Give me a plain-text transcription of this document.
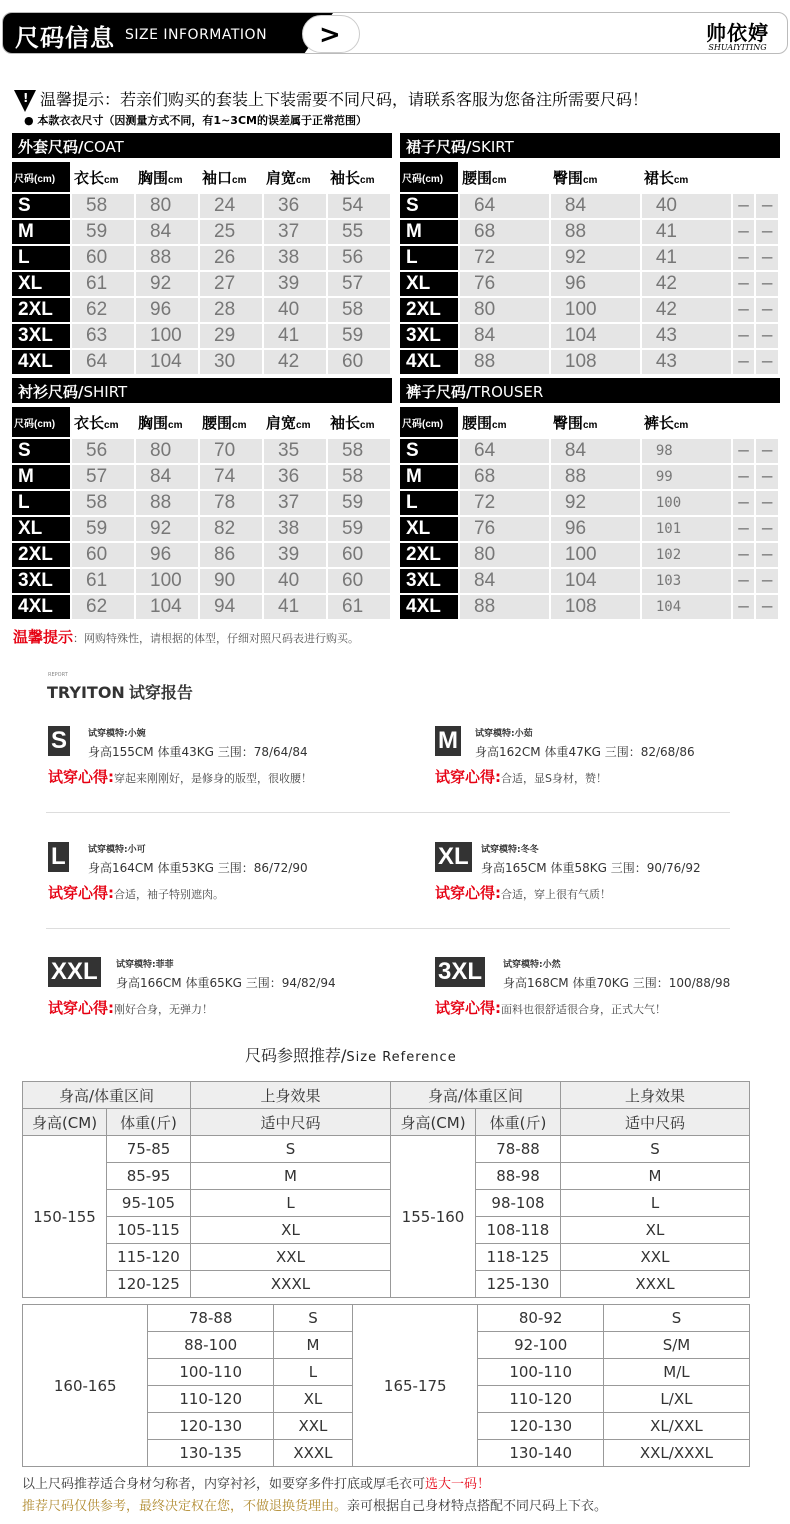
尺码信息 SIZE INFORMATION >	帅依婷
SHUAIYITING
! 温馨提示：若亲们购买的套装上下装需要不同尺码，请联系客服为您备注所需要尺码！
● 本款衣衣尺寸（因测量方式不同，有1~3CM的误差属于正常范围）
外套尺码/COAT
尺码(cm)	衣长cm	胸围cm	袖口cm	肩宽cm	袖长cm
S	58	80	24	36	54
M	59	84	25	37	55
L	60	88	26	38	56
XL	61	92	27	39	57
2XL	62	96	28	40	58
3XL	63	100	29	41	59
4XL	64	104	30	42	60
裙子尺码/SKIRT
尺码(cm)	腰围cm	臀围cm	裙长cm		
S	64	84	40	–	–
M	68	88	41	–	–
L	72	92	41	–	–
XL	76	96	42	–	–
2XL	80	100	42	–	–
3XL	84	104	43	–	–
4XL	88	108	43	–	–
衬衫尺码/SHIRT
尺码(cm)	衣长cm	胸围cm	腰围cm	肩宽cm	袖长cm
S	56	80	70	35	58
M	57	84	74	36	58
L	58	88	78	37	59
XL	59	92	82	38	59
2XL	60	96	86	39	60
3XL	61	100	90	40	60
4XL	62	104	94	41	61
裤子尺码/TROUSER
尺码(cm)	腰围cm	臀围cm	裤长cm		
S	64	84	98	–	–
M	68	88	99	–	–
L	72	92	100	–	–
XL	76	96	101	–	–
2XL	80	100	102	–	–
3XL	84	104	103	–	–
4XL	88	108	104	–	–
温馨提示：网购特殊性，请根据的体型，仔细对照尺码表进行购买。
REPORT
TRYITON 试穿报告
S	试穿模特:小婉
身高155CM 体重43KG 三围：78/64/84
试穿心得:穿起来刚刚好，是修身的版型，很收腰！
M	试穿模特:小茹
身高162CM 体重47KG 三围：82/68/86
试穿心得:合适，显S身材，赞！
L	试穿模特:小可
身高164CM 体重53KG 三围：86/72/90
试穿心得:合适，袖子特别遮肉。
XL	试穿模特:冬冬
身高165CM 体重58KG 三围：90/76/92
试穿心得:合适，穿上很有气质！
XXL	试穿模特:菲菲
身高166CM 体重65KG 三围：94/82/94
试穿心得:刚好合身，无弹力！
3XL	试穿模特:小然
身高168CM 体重70KG 三围：100/88/98
试穿心得:面料也很舒适很合身，正式大气！
尺码参照推荐/Size Reference
身高/体重区间		上身效果	身高/体重区间		上身效果
身高(CM)	体重(斤)	适中尺码	身高(CM)	体重(斤)	适中尺码
150-155	75-85	S	155-160	78-88	S
	85-95	M		88-98	M
	95-105	L		98-108	L
	105-115	XL		108-118	XL
	115-120	XXL		118-125	XXL
	120-125	XXXL		125-130	XXXL
160-165	78-88	S	165-175	80-92	S
	88-100	M		92-100	S/M
	100-110	L		100-110	M/L
	110-120	XL		110-120	L/XL
	120-130	XXL		120-130	XL/XXL
	130-135	XXXL		130-140	XXL/XXXL
以上尺码推荐适合身材匀称者，内穿衬衫，如要穿多件打底或厚毛衣可选大一码！
推荐尺码仅供参考，最终决定权在您，不做退换货理由。亲可根据自己身材特点搭配不同尺码上下衣。
